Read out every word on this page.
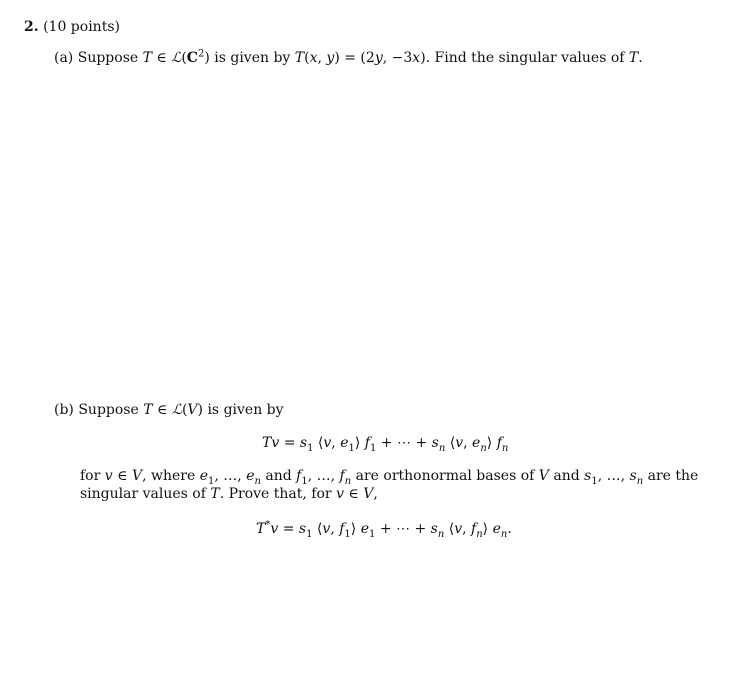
2. (10 points)
(a) Suppose T ∈ $ℒ(C^2)$ is given by T(x, y) = (2y, −3x). Find the singular values of T.
(b) Suppose T ∈ ℒ(V) is given by
$Tv = s_1$ ⟨v, $e_1⟩$ $f_1$ + ⋯ + $s_n$ ⟨v, $e_n⟩$ $f_n$
for v ∈ V, where $e_1$, …, $e_n$ and $f_1$, …, $f_n$ are orthonormal bases of V and $s_1$, …, $s_n$ are the
singular values of T. Prove that, for v ∈ V,
$T^*v = s_1$ ⟨v, $f_1⟩$ $e_1$ + ⋯ + $s_n$ ⟨v, $f_n⟩$ $e_n$.
